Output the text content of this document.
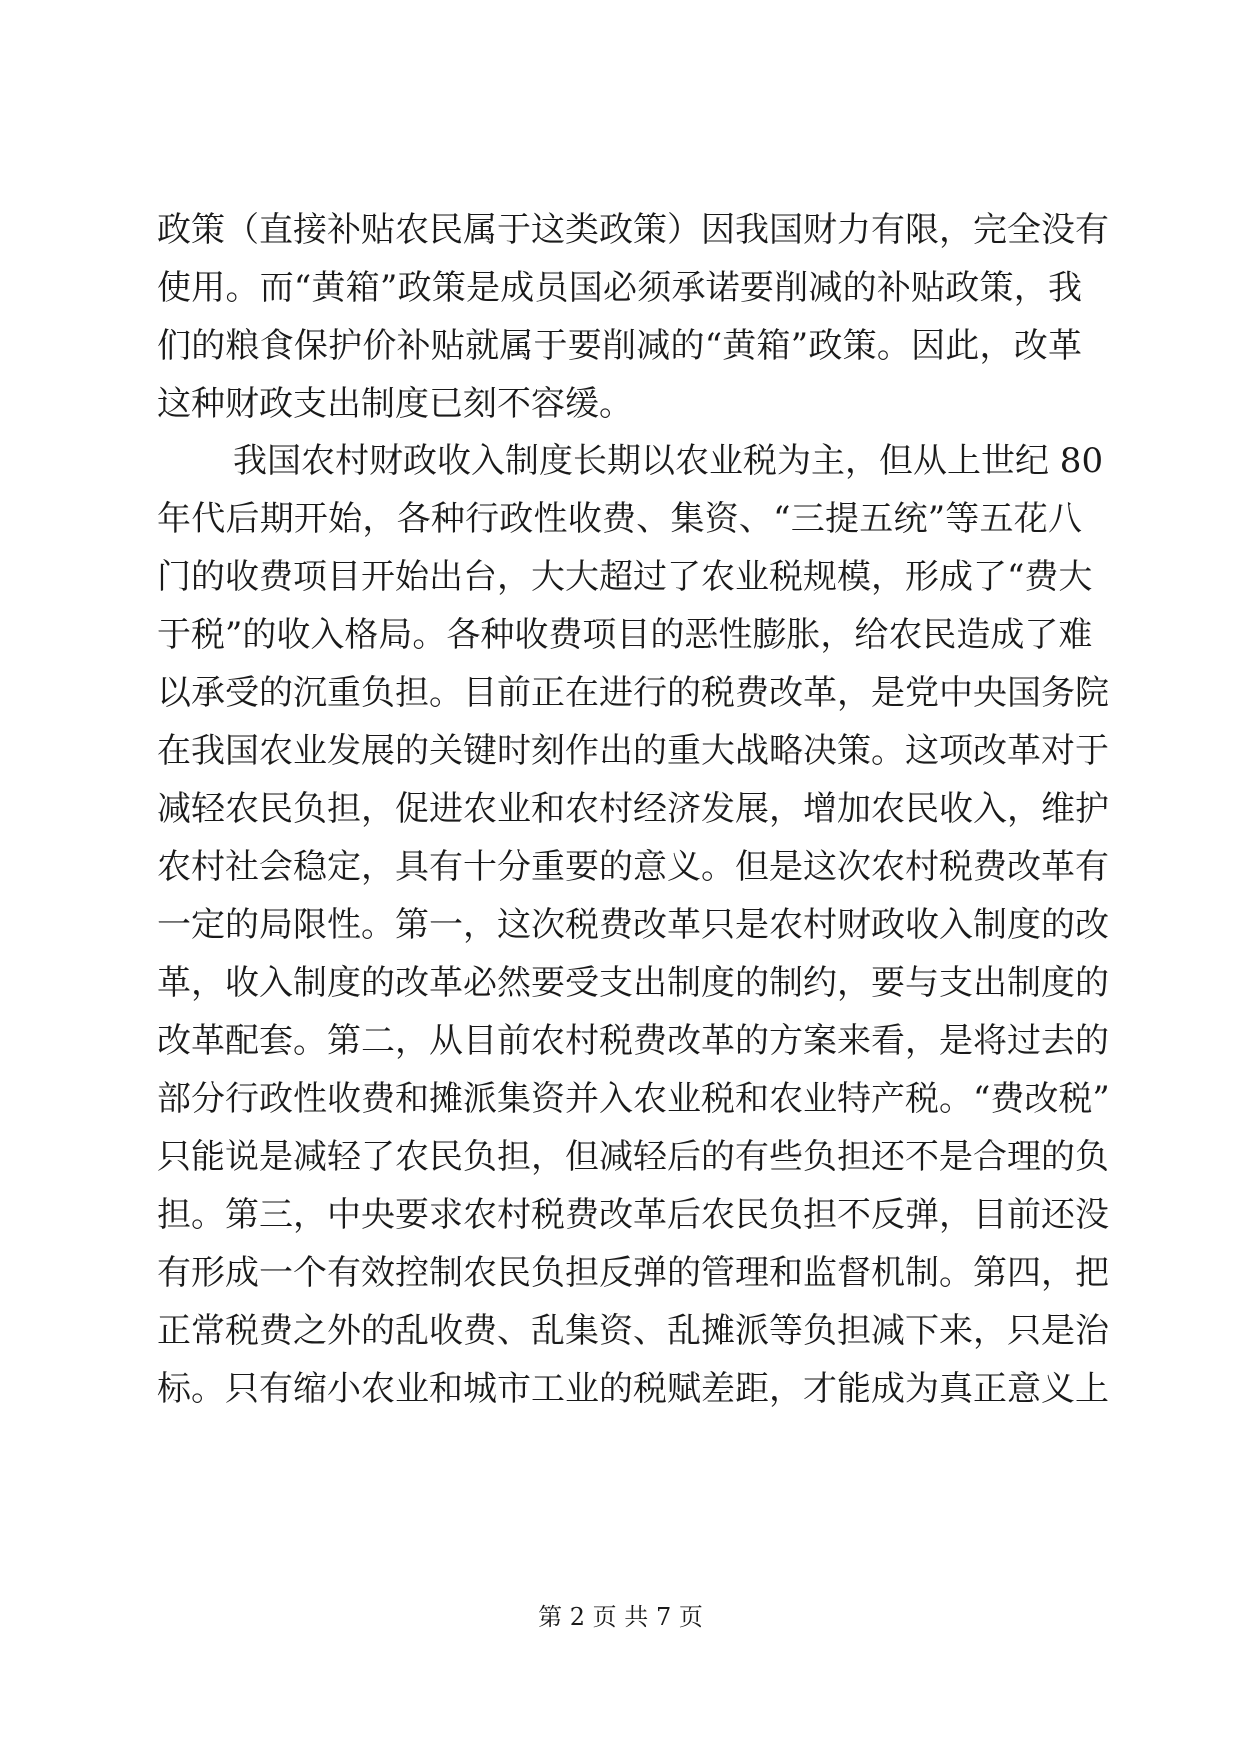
政策（直接补贴农民属于这类政策）因我国财力有限，完全没有
使用。而“黄箱”政策是成员国必须承诺要削减的补贴政策，我
们的粮食保护价补贴就属于要削减的“黄箱”政策。因此，改革
这种财政支出制度已刻不容缓。
我国农村财政收入制度长期以农业税为主，但从上世纪 80
年代后期开始，各种行政性收费、集资、“三提五统”等五花八
门的收费项目开始出台，大大超过了农业税规模，形成了“费大
于税”的收入格局。各种收费项目的恶性膨胀，给农民造成了难
以承受的沉重负担。目前正在进行的税费改革，是党中央国务院
在我国农业发展的关键时刻作出的重大战略决策。这项改革对于
减轻农民负担，促进农业和农村经济发展，增加农民收入，维护
农村社会稳定，具有十分重要的意义。但是这次农村税费改革有
一定的局限性。第一，这次税费改革只是农村财政收入制度的改
革，收入制度的改革必然要受支出制度的制约，要与支出制度的
改革配套。第二，从目前农村税费改革的方案来看，是将过去的
部分行政性收费和摊派集资并入农业税和农业特产税。“费改税”
只能说是减轻了农民负担，但减轻后的有些负担还不是合理的负
担。第三，中央要求农村税费改革后农民负担不反弹，目前还没
有形成一个有效控制农民负担反弹的管理和监督机制。第四，把
正常税费之外的乱收费、乱集资、乱摊派等负担减下来，只是治
标。只有缩小农业和城市工业的税赋差距，才能成为真正意义上
第 2 页 共 7 页
